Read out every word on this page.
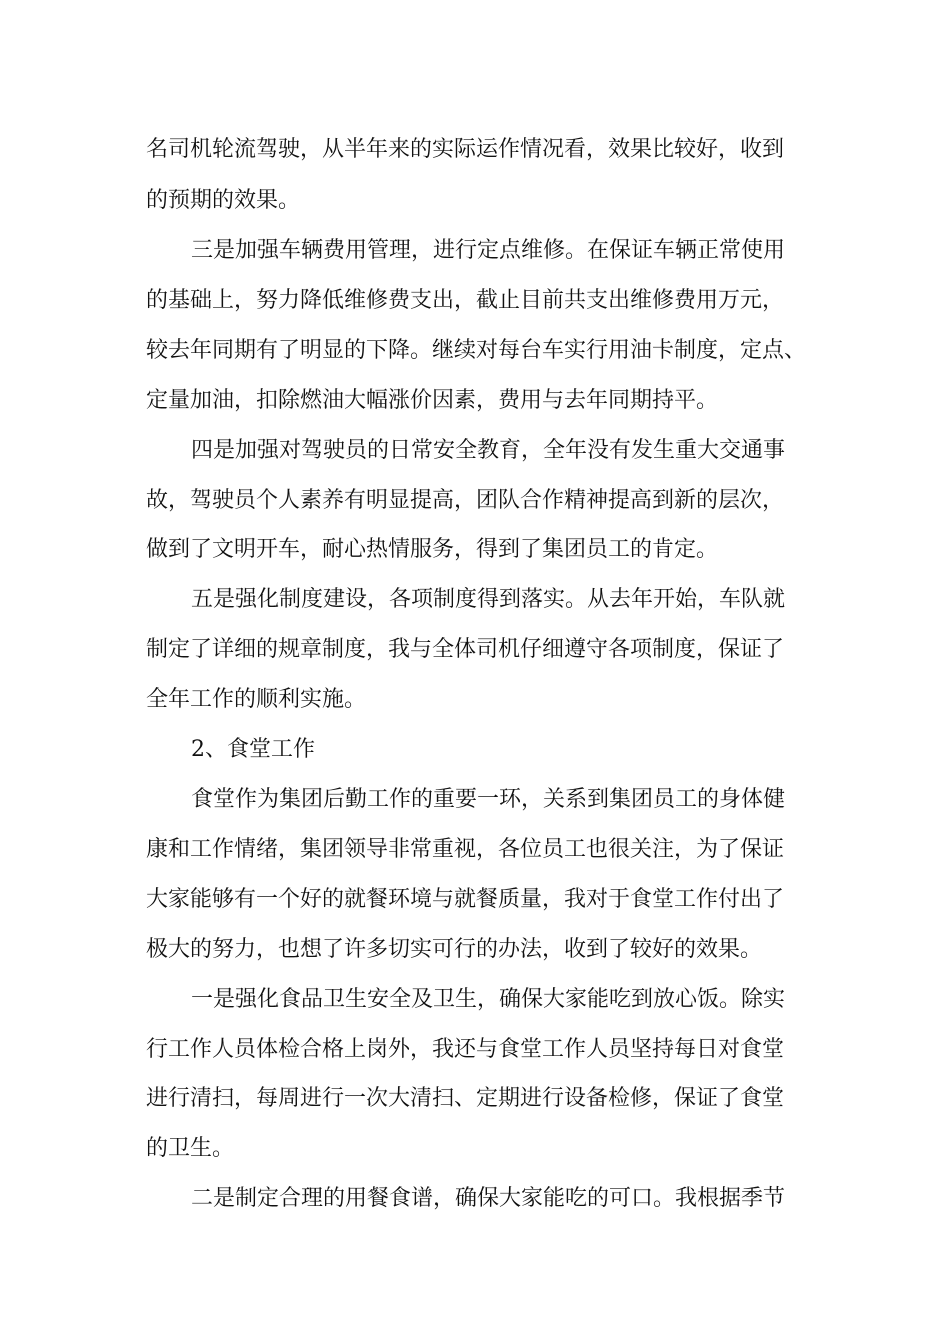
名司机轮流驾驶，从半年来的实际运作情况看，效果比较好，收到
的预期的效果。
三是加强车辆费用管理，进行定点维修。在保证车辆正常使用
的基础上，努力降低维修费支出，截止目前共支出维修费用万元，
较去年同期有了明显的下降。继续对每台车实行用油卡制度，定点、
定量加油，扣除燃油大幅涨价因素，费用与去年同期持平。
四是加强对驾驶员的日常安全教育，全年没有发生重大交通事
故，驾驶员个人素养有明显提高，团队合作精神提高到新的层次，
做到了文明开车，耐心热情服务，得到了集团员工的肯定。
五是强化制度建设，各项制度得到落实。从去年开始，车队就
制定了详细的规章制度，我与全体司机仔细遵守各项制度，保证了
全年工作的顺利实施。
2、食堂工作
食堂作为集团后勤工作的重要一环，关系到集团员工的身体健
康和工作情绪，集团领导非常重视，各位员工也很关注，为了保证
大家能够有一个好的就餐环境与就餐质量，我对于食堂工作付出了
极大的努力，也想了许多切实可行的办法，收到了较好的效果。
一是强化食品卫生安全及卫生，确保大家能吃到放心饭。除实
行工作人员体检合格上岗外，我还与食堂工作人员坚持每日对食堂
进行清扫，每周进行一次大清扫、定期进行设备检修，保证了食堂
的卫生。
二是制定合理的用餐食谱，确保大家能吃的可口。我根据季节
